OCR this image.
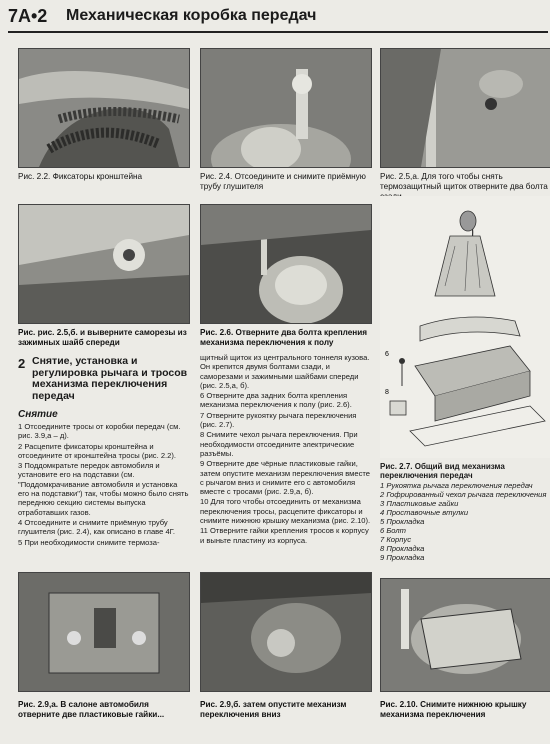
7A•2 Механическая коробка передач
Рис. 2.2. Фиксаторы кронштейна	Рис. 2.4. Отсоедините и снимите приёмную трубу глушителя
Рис. 2.5,а. Для того чтобы снять термозащитный щиток отверните два болта
Рис. рис. 2.5,б. и выверните саморезы из зажимных шайб спереди
Рис. 2.6. Отверните два болта крепления механизма переключения к полу
6
8
2 Снятие, установка и регулировка рычага и тросов механизма переключения передач
Снятие
1 Отсоедините тросы от коробки передач (см. рис. 3.9,а – д).
2 Расцепите фиксаторы кронштейна и отсоедините от кронштейна тросы (рис. 2.2).
3 Поддомкратьте передок автомобиля и установите его на подставки (см. "Поддомкрачивание автомобиля и установка его на подставки") так, чтобы можно было снять переднюю секцию системы выпуска отработавших газов.
4 Отсоедините и снимите приёмную трубу глушителя (рис. 2.4), как описано в главе 4Г.
5 При необходимости снимите термоза-
щитный щиток из центрального тоннеля кузова. Он крепится двумя болтами сзади, и саморезами и зажимными шайбами спереди (рис. 2.5,а, б).
6 Отверните два задних болта крепления механизма переключения к полу (рис. 2.6).
7 Отверните рукоятку рычага переключения (рис. 2.7).
8 Снимите чехол рычага переключения. При необходимости отсоедините электрические разъёмы.
9 Отверните две чёрные пластиковые гайки, затем опустите механизм переключения вместе с рычагом вниз и снимите его с автомобиля вместе с тросами (рис. 2.9,а, б).
10 Для того чтобы отсоединить от механизма переключения тросы, расцепите фиксаторы и снимите нижнюю крышку механизма (рис. 2.10).
11 Отверните гайки крепления тросов к корпусу и выньте пластину из корпуса.
Рис. 2.7. Общий вид механизма переключения передач
1 Рукоятка рычага переключения передач
2 Гофрированный чехол рычага переключения
3 Пластиковые гайки
4 Проставочные втулки
5 Прокладка
6 Болт
7 Корпус
8 Прокладка
9 Прокладка
Рис. 2.9,а. В салоне автомобиля отверните две пластиковые гайки...
Рис. 2.9,б. затем опустите механизм переключения вниз
Рис. 2.10. Снимите нижнюю крышку механизма переключения
